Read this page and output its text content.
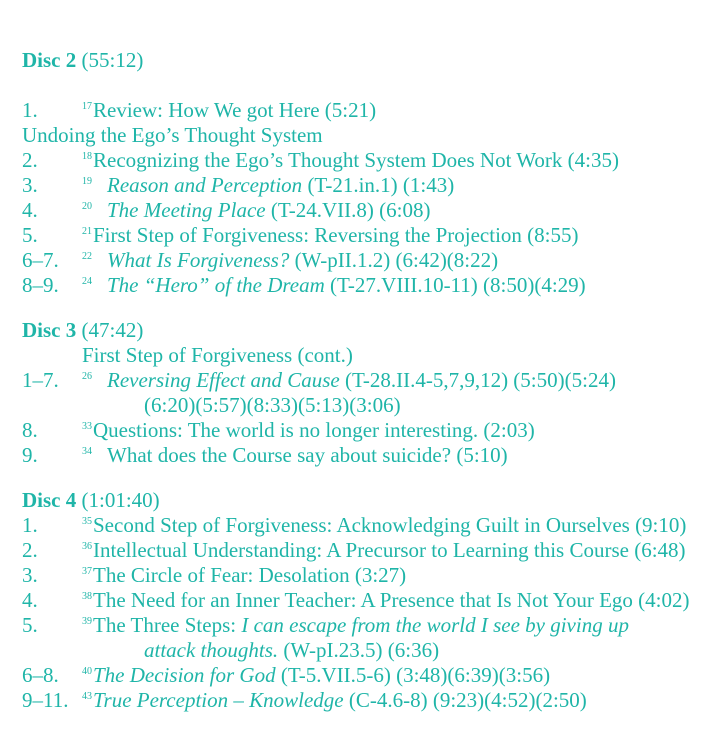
Disc 2 (55:12)
1.	$^{17}$Review: How We got Here (5:21)
Undoing the Ego’s Thought System
2.	$^{18}$Recognizing the Ego’s Thought System Does Not Work (4:35)
3.	$^{19}$ Reason and Perception (T-21.in.1) (1:43)
4.	$^{20}$ The Meeting Place (T-24.VII.8) (6:08)
5.	$^{21}$First Step of Forgiveness: Reversing the Projection (8:55)
6–7. $^{22}$ What Is Forgiveness? (W-pII.1.2) (6:42)(8:22)
8–9. $^{24}$ The “Hero” of the Dream (T-27.VIII.10-11) (8:50)(4:29)
Disc 3 (47:42)
First Step of Forgiveness (cont.)
1–7. $^{26}$ Reversing Effect and Cause (T-28.II.4-5,7,9,12) (5:50)(5:24)
(6:20)(5:57)(8:33)(5:13)(3:06)
8.	$^{33}$Questions: The world is no longer interesting. (2:03)
9.	$^{34}$ What does the Course say about suicide? (5:10)
Disc 4 (1:01:40)
1.	$^{35}$Second Step of Forgiveness: Acknowledging Guilt in Ourselves (9:10)
2.	$^{36}$Intellectual Understanding: A Precursor to Learning this Course (6:48)
3.	$^{37}$The Circle of Fear: Desolation (3:27)
4.	$^{38}$The Need for an Inner Teacher: A Presence that Is Not Your Ego (4:02)
5.	$^{39}$The Three Steps: I can escape from the world I see by giving up
attack thoughts. (W-pI.23.5) (6:36)
6–8. $^{40}$The Decision for God (T-5.VII.5-6) (3:48)(6:39)(3:56)
9–11. $^{43}$True Perception – Knowledge (C-4.6-8) (9:23)(4:52)(2:50)
